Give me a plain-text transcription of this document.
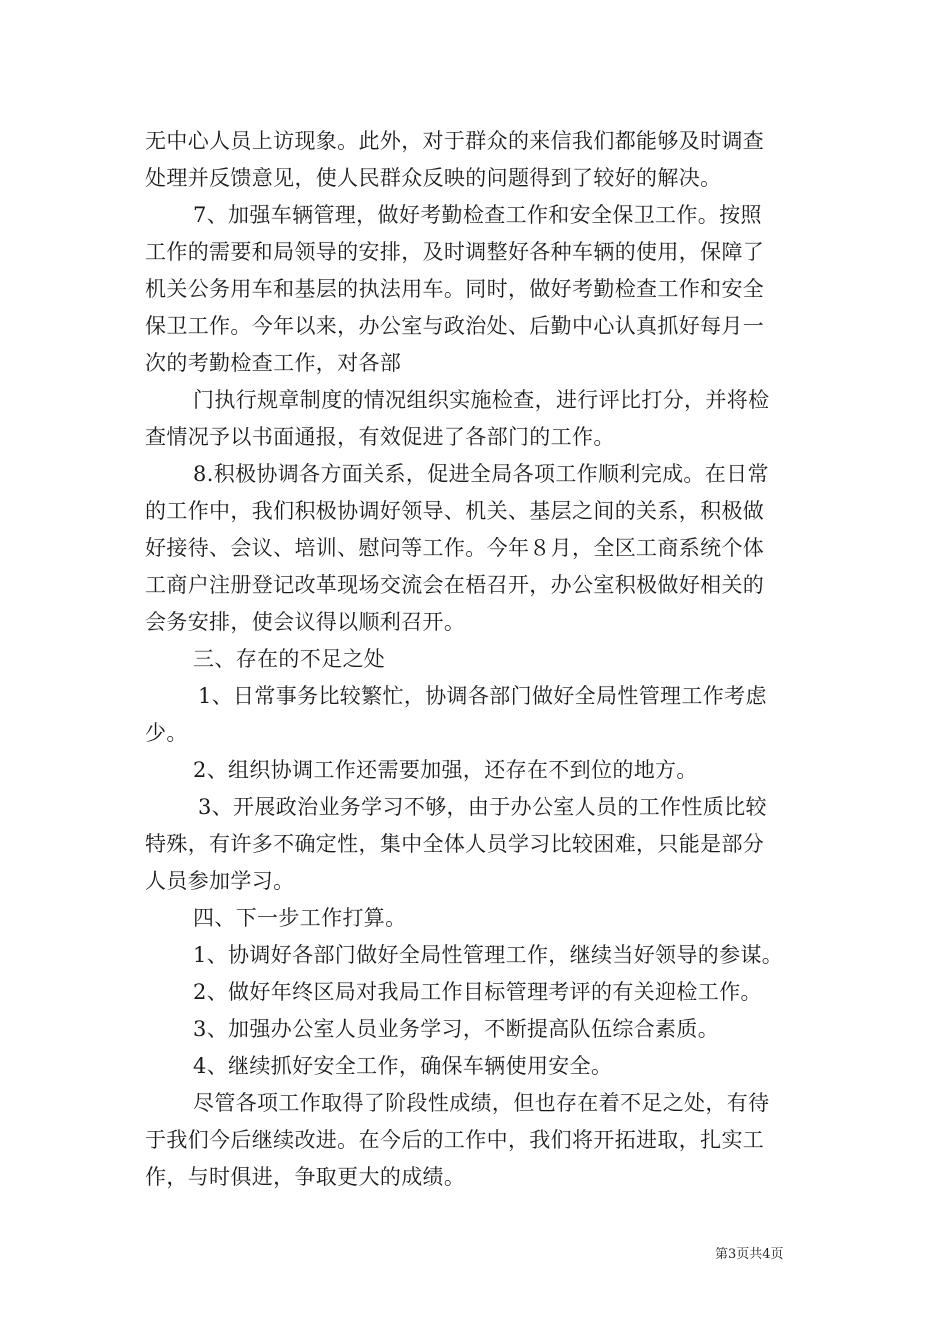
无中心人员上访现象。此外，对于群众的来信我们都能够及时调查
处理并反馈意见，使人民群众反映的问题得到了较好的解决。
7、加强车辆管理，做好考勤检查工作和安全保卫工作。按照
工作的需要和局领导的安排，及时调整好各种车辆的使用，保障了
机关公务用车和基层的执法用车。同时，做好考勤检查工作和安全
保卫工作。今年以来，办公室与政治处、后勤中心认真抓好每月一
次的考勤检查工作，对各部
门执行规章制度的情况组织实施检查，进行评比打分，并将检
查情况予以书面通报，有效促进了各部门的工作。
8.积极协调各方面关系，促进全局各项工作顺利完成。在日常
的工作中，我们积极协调好领导、机关、基层之间的关系，积极做
好接待、会议、培训、慰问等工作。今年８月，全区工商系统个体
工商户注册登记改革现场交流会在梧召开，办公室积极做好相关的
会务安排，使会议得以顺利召开。
三、存在的不足之处
1、日常事务比较繁忙，协调各部门做好全局性管理工作考虑
少。
2、组织协调工作还需要加强，还存在不到位的地方。
3、开展政治业务学习不够，由于办公室人员的工作性质比较
特殊，有许多不确定性，集中全体人员学习比较困难，只能是部分
人员参加学习。
四、下一步工作打算。
1、协调好各部门做好全局性管理工作，继续当好领导的参谋。
2、做好年终区局对我局工作目标管理考评的有关迎检工作。
3、加强办公室人员业务学习，不断提高队伍综合素质。
4、继续抓好安全工作，确保车辆使用安全。
尽管各项工作取得了阶段性成绩，但也存在着不足之处，有待
于我们今后继续改进。在今后的工作中，我们将开拓进取，扎实工
作，与时俱进，争取更大的成绩。
第3页共4页
